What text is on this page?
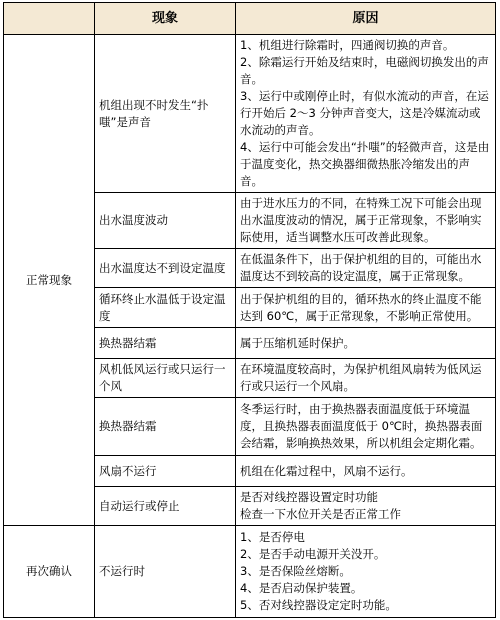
	现象	原因
正常现象	机组出现不时发生“扑嗤”是声音	1、机组进行除霜时，四通阀切换的声音。
2、除霜运行开始及结束时，电磁阀切换发出的声音。
3、运行中或刚停止时，有似水流动的声音，在运行开始后 2～3 分钟声音变大，这是冷媒流动或水流动的声音。
4、运行中可能会发出“扑嗤”的轻微声音，这是由于温度变化，热交换器细微热胀冷缩发出的声音。

	出水温度波动	由于进水压力的不同，在特殊工况下可能会出现出水温度波动的情况，属于正常现象，不影响实际使用，适当调整水压可改善此现象。
	出水温度达不到设定温度	在低温条件下，出于保护机组的目的，可能出水温度达不到较高的设定温度，属于正常现象。
	循环终止水温低于设定温度	出于保护机组的目的，循环热水的终止温度不能达到 60℃，属于正常现象，不影响正常使用。
	换热器结霜	属于压缩机延时保护。
	风机低风运行或只运行一个风	在环境温度较高时，为保护机组风扇转为低风运行或只运行一个风扇。
	换热器结霜	冬季运行时，由于换热器表面温度低于环境温度，且换热器表面温度低于 0℃时，换热器表面会结霜，影响换热效果，所以机组会定期化霜。
	风扇不运行	机组在化霜过程中，风扇不运行。
	自动运行或停止	是否对线控器设置定时功能
检查一下水位开关是否正常工作

再次确认	不运行时	1、是否停电
2、是否手动电源开关没开。
3、是否保险丝熔断。
4、是否启动保护装置。
5、否对线控器设定定时功能。
